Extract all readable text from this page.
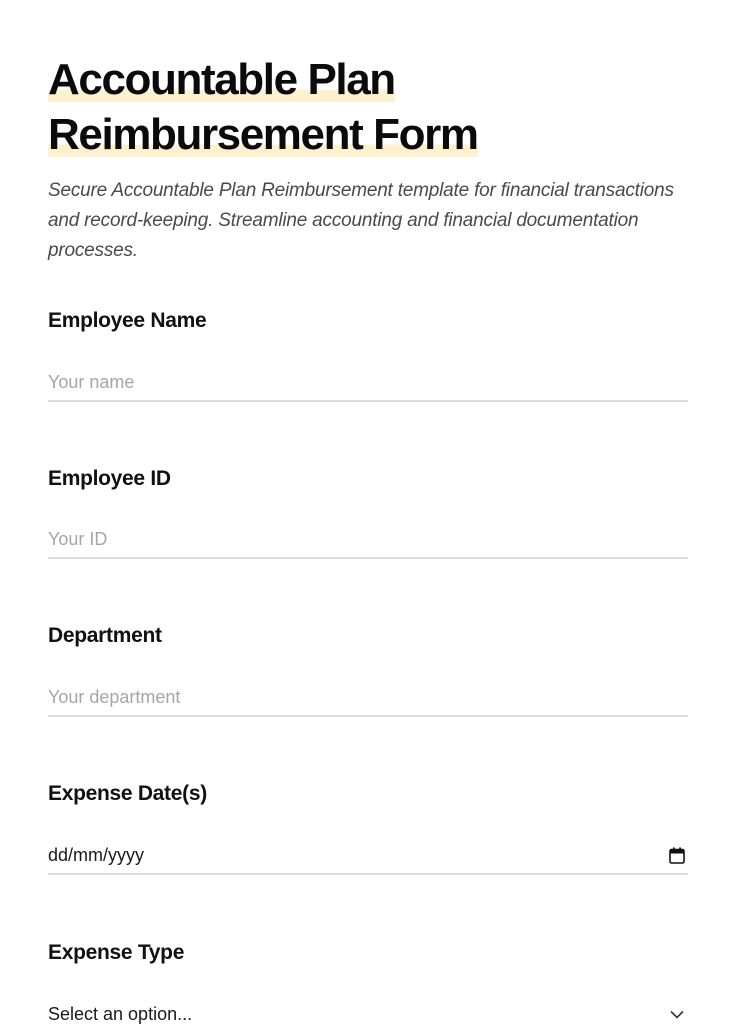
Accountable Plan
Reimbursement Form

Secure Accountable Plan Reimbursement template for financial transactions and record-keeping. Streamline accounting and financial documentation processes.

Employee Name
Your name
Employee ID
Your ID
Department
Your department
Expense Date(s)
dd/mm/yyyy
Expense Type
Select an option...
